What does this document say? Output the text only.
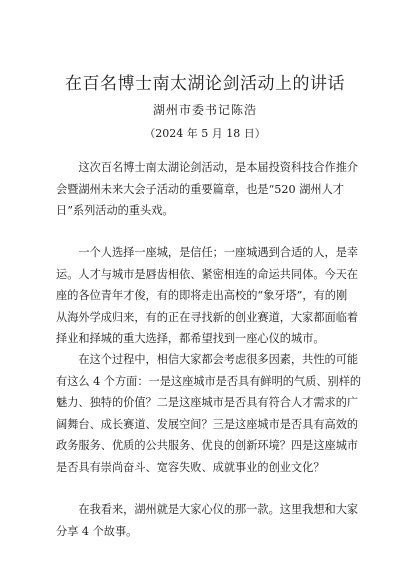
在百名博士南太湖论剑活动上的讲话

湖州市委书记陈浩

（2024 年 5 月 18 日）

　　这次百名博士南太湖论剑活动，是本届投资科技合作推介
会暨湖州未来大会子活动的重要篇章，也是“520 湖州人才
日”系列活动的重头戏。
　　一个人选择一座城，是信任；一座城遇到合适的人，是幸
运。人才与城市是唇齿相依、紧密相连的命运共同体。今天在
座的各位青年才俊，有的即将走出高校的“象牙塔”，有的刚
从海外学成归来，有的正在寻找新的创业赛道，大家都面临着
择业和择城的重大选择，都希望找到一座心仪的城市。
　　在这个过程中，相信大家都会考虑很多因素，共性的可能
有这么 4 个方面：一是这座城市是否具有鲜明的气质、别样的
魅力、独特的价值？二是这座城市是否具有符合人才需求的广
阔舞台、成长赛道、发展空间？三是这座城市是否具有高效的
政务服务、优质的公共服务、优良的创新环境？四是这座城市
是否具有崇尚奋斗、宽容失败、成就事业的创业文化？
　　在我看来，湖州就是大家心仪的那一款。这里我想和大家
分享 4 个故事。
